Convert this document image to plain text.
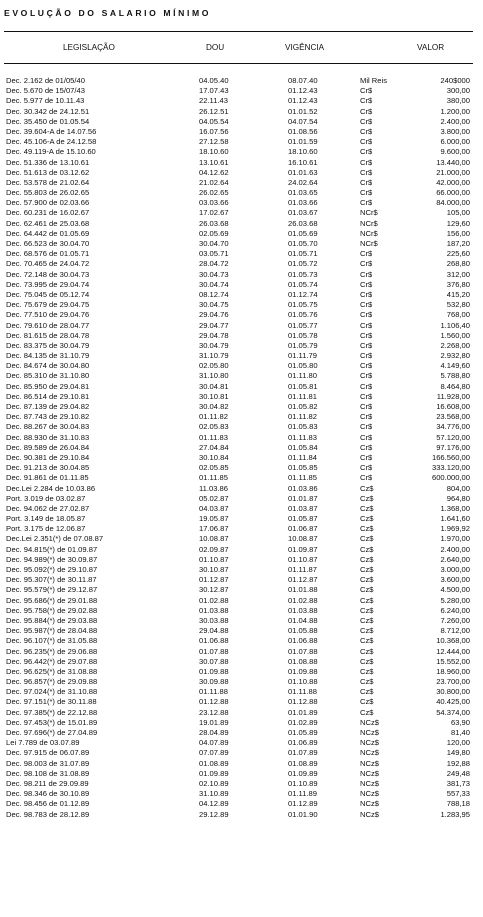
EVOLUÇÃO DO SALARIO MÍNIMO
LEGISLAÇÃO	DOU	VIGÊNCIA	VALOR
Dec. 2.162 de 01/05/40	04.05.40	08.07.40	Mil Reis	240$000
Dec. 5.670 de 15/07/43	17.07.43	01.12.43	Cr$	300,00
Dec. 5.977 de 10.11.43	22.11.43	01.12.43	Cr$	380,00
Dec. 30.342 de 24.12.51	26.12.51	01.01.52	Cr$	1.200,00
Dec. 35.450 de 01.05.54	04.05.54	04.07.54	Cr$	2.400,00
Dec. 39.604-A de 14.07.56	16.07.56	01.08.56	Cr$	3.800,00
Dec. 45.106-A de 24.12.58	27.12.58	01.01.59	Cr$	6.000,00
Dec. 49.119-A de 15.10.60	18.10.60	18.10.60	Cr$	9.600,00
Dec. 51.336 de 13.10.61	13.10.61	16.10.61	Cr$	13.440,00
Dec. 51.613 de 03.12.62	04.12.62	01.01.63	Cr$	21.000,00
Dec. 53.578 de 21.02.64	21.02.64	24.02.64	Cr$	42.000,00
Dec. 55.803 de 26.02.65	26.02.65	01.03.65	Cr$	66.000,00
Dec. 57.900 de 02.03.66	03.03.66	01.03.66	Cr$	84.000,00
Dec. 60.231 de 16.02.67	17.02.67	01.03.67	NCr$	105,00
Dec. 62.461 de 25.03.68	26.03.68	26.03.68	NCr$	129,60
Dec. 64.442 de 01.05.69	02.05.69	01.05.69	NCr$	156,00
Dec. 66.523 de 30.04.70	30.04.70	01.05.70	NCr$	187,20
Dec. 68.576 de 01.05.71	03.05.71	01.05.71	Cr$	225,60
Dec. 70.465 de 24.04.72	28.04.72	01.05.72	Cr$	268,80
Dec. 72.148 de 30.04.73	30.04.73	01.05.73	Cr$	312,00
Dec. 73.995 de 29.04.74	30.04.74	01.05.74	Cr$	376,80
Dec. 75.045 de 05.12.74	08.12.74	01.12.74	Cr$	415,20
Dec. 75.679 de 29.04.75	30.04.75	01.05.75	Cr$	532,80
Dec. 77.510 de 29.04.76	29.04.76	01.05.76	Cr$	768,00
Dec. 79.610 de 28.04.77	29.04.77	01.05.77	Cr$	1.106,40
Dec. 81.615 de 28.04.78	29.04.78	01.05.78	Cr$	1.560,00
Dec. 83.375 de 30.04.79	30.04.79	01.05.79	Cr$	2.268,00
Dec. 84.135 de 31.10.79	31.10.79	01.11.79	Cr$	2.932,80
Dec. 84.674 de 30.04.80	02.05.80	01.05.80	Cr$	4.149,60
Dec. 85.310 de 31.10.80	31.10.80	01.11.80	Cr$	5.788,80
Dec. 85.950 de 29.04.81	30.04.81	01.05.81	Cr$	8.464,80
Dec. 86.514 de 29.10.81	30.10.81	01.11.81	Cr$	11.928,00
Dec. 87.139 de 29.04.82	30.04.82	01.05.82	Cr$	16.608,00
Dec. 87.743 de 29.10.82	01.11.82	01.11.82	Cr$	23.568,00
Dec. 88.267 de 30.04.83	02.05.83	01.05.83	Cr$	34.776,00
Dec. 88.930 de 31.10.83	01.11.83	01.11.83	Cr$	57.120,00
Dec. 89.589 de 26.04.84	27.04.84	01.05.84	Cr$	97.176,00
Dec. 90.381 de 29.10.84	30.10.84	01.11.84	Cr$	166.560,00
Dec. 91.213 de 30.04.85	02.05.85	01.05.85	Cr$	333.120,00
Dec. 91.861 de 01.11.85	01.11.85	01.11.85	Cr$	600.000,00
Dec.Lei 2.284 de 10.03.86	11.03.86	01.03.86	Cz$	804,00
Port. 3.019 de 03.02.87	05.02.87	01.01.87	Cz$	964,80
Dec. 94.062 de 27.02.87	04.03.87	01.03.87	Cz$	1.368,00
Port. 3.149 de 18.05.87	19.05.87	01.05.87	Cz$	1.641,60
Port. 3.175 de 12.06.87	17.06.87	01.06.87	Cz$	1.969,92
Dec.Lei 2.351(*) de 07.08.87	10.08.87	10.08.87	Cz$	1.970,00
Dec. 94.815(*) de 01.09.87	02.09.87	01.09.87	Cz$	2.400,00
Dec. 94.989(*) de 30.09.87	01.10.87	01.10.87	Cz$	2.640,00
Dec. 95.092(*) de 29.10.87	30.10.87	01.11.87	Cz$	3.000,00
Dec. 95.307(*) de 30.11.87	01.12.87	01.12.87	Cz$	3.600,00
Dec. 95.579(*) de 29.12.87	30.12.87	01.01.88	Cz$	4.500,00
Dec. 95.686(*) de 29.01.88	01.02.88	01.02.88	Cz$	5.280,00
Dec. 95.758(*) de 29.02.88	01.03.88	01.03.88	Cz$	6.240,00
Dec. 95.884(*) de 29.03.88	30.03.88	01.04.88	Cz$	7.260,00
Dec. 95.987(*) de 28.04.88	29.04.88	01.05.88	Cz$	8.712,00
Dec. 96.107(*) de 31.05.88	01.06.88	01.06.88	Cz$	10.368,00
Dec. 96.235(*) de 29.06.88	01.07.88	01.07.88	Cz$	12.444,00
Dec. 96.442(*) de 29.07.88	30.07.88	01.08.88	Cz$	15.552,00
Dec. 96.625(*) de 31.08.88	01.09.88	01.09.88	Cz$	18.960,00
Dec. 96.857(*) de 29.09.88	30.09.88	01.10.88	Cz$	23.700,00
Dec. 97.024(*) de 31.10.88	01.11.88	01.11.88	Cz$	30.800,00
Dec. 97.151(*) de 30.11.88	01.12.88	01.12.88	Cz$	40.425,00
Dec. 97.385(*) de 22.12.88	23.12.88	01.01.89	Cz$	54.374,00
Dec. 97.453(*) de 15.01.89	19.01.89	01.02.89	NCz$	63,90
Dec. 97.696(*) de 27.04.89	28.04.89	01.05.89	NCz$	81,40
Lei 7.789 de 03.07.89	04.07.89	01.06.89	NCz$	120,00
Dec. 97.915 de 06.07.89	07.07.89	01.07.89	NCz$	149,80
Dec. 98.003 de 31.07.89	01.08.89	01.08.89	NCz$	192,88
Dec. 98.108 de 31.08.89	01.09.89	01.09.89	NCz$	249,48
Dec. 98.211 de 29.09.89	02.10.89	01.10.89	NCz$	381,73
Dec. 98.346 de 30.10.89	31.10.89	01.11.89	NCz$	557,33
Dec. 98.456 de 01.12.89	04.12.89	01.12.89	NCz$	788,18
Dec. 98.783 de 28.12.89	29.12.89	01.01.90	NCz$	1.283,95
